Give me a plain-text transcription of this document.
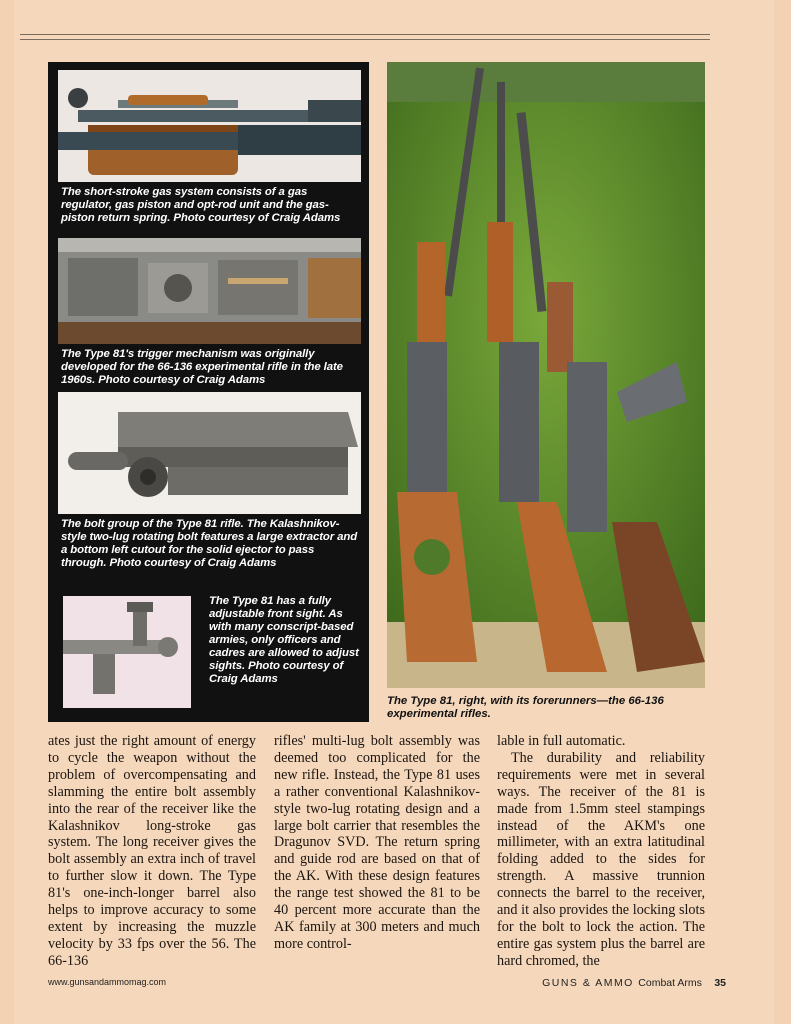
The short-stroke gas system consists of a gas regulator, gas piston and opt-rod unit and the gas-piston return spring. Photo courtesy of Craig Adams
The Type 81's trigger mechanism was originally developed for the 66-136 experimental rifle in the late 1960s. Photo courtesy of Craig Adams
The bolt group of the Type 81 rifle. The Kalashnikov-style two-lug rotating bolt features a large extractor and a bottom left cutout for the solid ejector to pass through. Photo courtesy of Craig Adams
The Type 81 has a fully adjustable front sight. As with many conscript-based armies, only officers and cadres are allowed to adjust sights. Photo courtesy of Craig Adams
The Type 81, right, with its forerunners—the 66-136 experimental rifles.

ates just the right amount of energy to cycle the weapon without the problem of overcompensating and slamming the entire bolt assembly into the rear of the receiver like the Kalashnikov long-stroke gas system. The long receiver gives the bolt assembly an extra inch of travel to further slow it down. The Type 81's one-inch-longer barrel also helps to improve accuracy to some extent by increasing the muzzle velocity by 33 fps over the 56. The 66-136

rifles' multi-lug bolt assembly was deemed too complicated for the new rifle. Instead, the Type 81 uses a rather conventional Kalashnikov-style two-lug rotating design and a large bolt carrier that resembles the Dragunov SVD. The return spring and guide rod are based on that of the AK. With these design features the range test showed the 81 to be 40 percent more accurate than the AK family at 300 meters and much more control-

lable in full automatic.

The durability and reliability requirements were met in several ways. The receiver of the 81 is made from 1.5mm steel stampings instead of the AKM's one millimeter, with an extra latitudinal folding added to the sides for strength. A massive trunnion connects the barrel to the receiver, and it also provides the locking slots for the bolt to lock the action. The entire gas system plus the barrel are hard chromed, the

www.gunsandammomag.com	GUNS & AMMO Combat Arms 35
